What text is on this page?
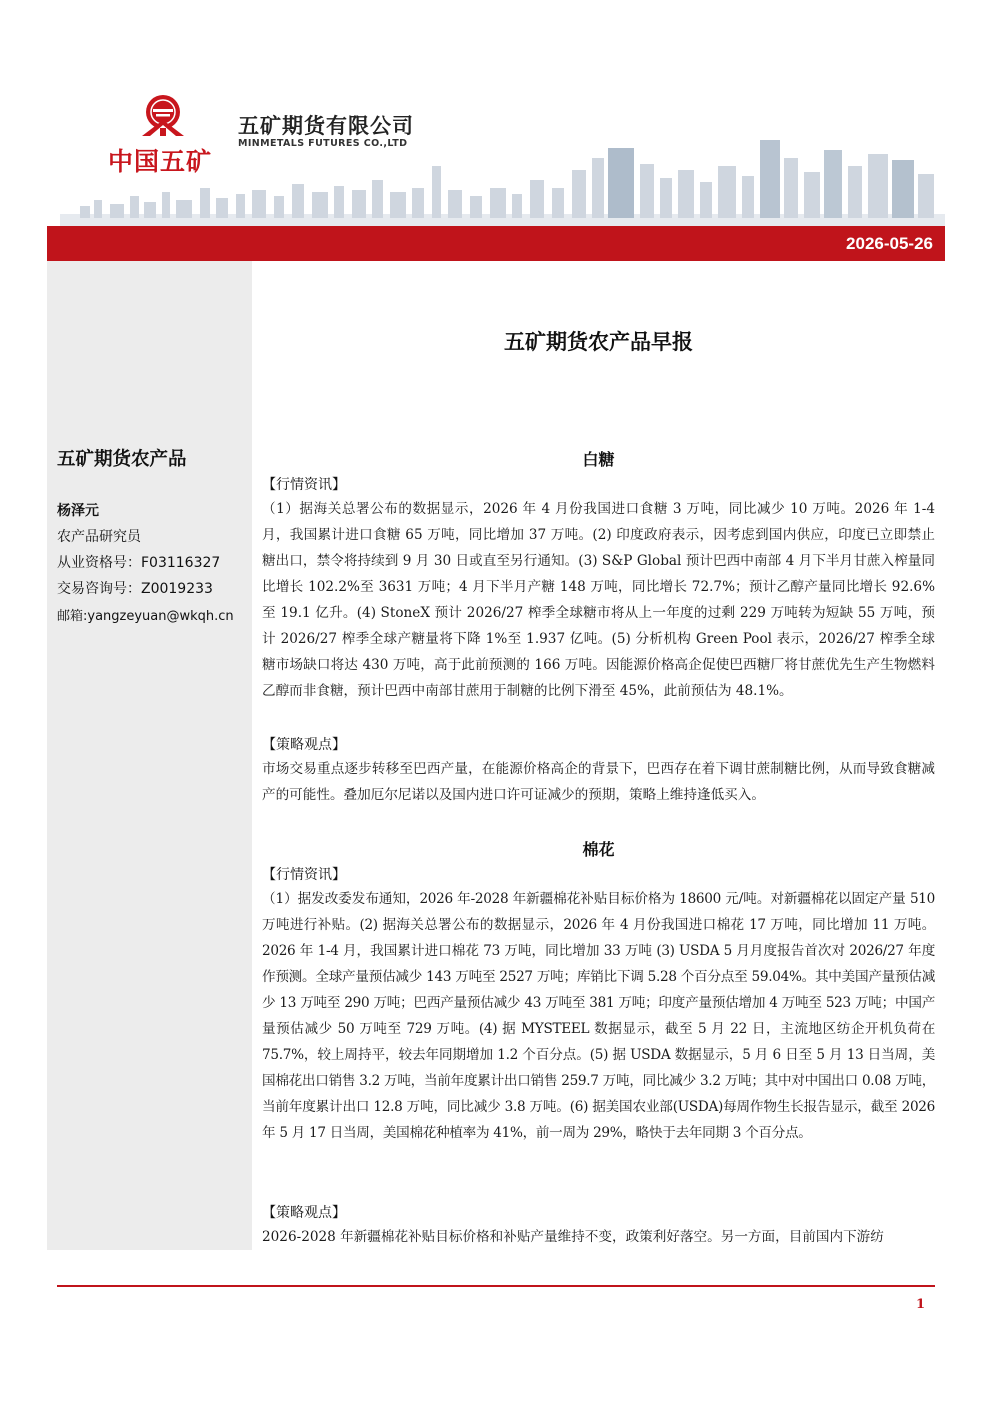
中国五矿
五矿期货有限公司
MINMETALS FUTURES CO.,LTD
2026-05-26
五矿期货农产品
杨泽元
农产品研究员
从业资格号：F03116327
交易咨询号：Z0019233
邮箱:yangzeyuan@wkqh.cn
五矿期货农产品早报
白糖
【行情资讯】

（1）据海关总署公布的数据显示，2026 年 4 月份我国进口食糖 3 万吨，同比减少 10 万吨。2026 年 1-4 月，我国累计进口食糖 65 万吨，同比增加 37 万吨。(2) 印度政府表示，因考虑到国内供应，印度已立即禁止糖出口，禁令将持续到 9 月 30 日或直至另行通知。(3) S&P Global 预计巴西中南部 4 月下半月甘蔗入榨量同比增长 102.2%至 3631 万吨；4 月下半月产糖 148 万吨，同比增长 72.7%；预计乙醇产量同比增长 92.6%至 19.1 亿升。(4) StoneX 预计 2026/27 榨季全球糖市将从上一年度的过剩 229 万吨转为短缺 55 万吨，预计 2026/27 榨季全球产糖量将下降 1%至 1.937 亿吨。(5) 分析机构 Green Pool 表示，2026/27 榨季全球糖市场缺口将达 430 万吨，高于此前预测的 166 万吨。因能源价格高企促使巴西糖厂将甘蔗优先生产生物燃料乙醇而非食糖，预计巴西中南部甘蔗用于制糖的比例下滑至 45%，此前预估为 48.1%。

【策略观点】

市场交易重点逐步转移至巴西产量，在能源价格高企的背景下，巴西存在着下调甘蔗制糖比例，从而导致食糖减产的可能性。叠加厄尔尼诺以及国内进口许可证减少的预期，策略上维持逢低买入。

棉花
【行情资讯】

（1）据发改委发布通知，2026 年-2028 年新疆棉花补贴目标价格为 18600 元/吨。对新疆棉花以固定产量 510 万吨进行补贴。(2) 据海关总署公布的数据显示，2026 年 4 月份我国进口棉花 17 万吨，同比增加 11 万吨。2026 年 1-4 月，我国累计进口棉花 73 万吨，同比增加 33 万吨 (3) USDA 5 月月度报告首次对 2026/27 年度作预测。全球产量预估减少 143 万吨至 2527 万吨；库销比下调 5.28 个百分点至 59.04%。其中美国产量预估减少 13 万吨至 290 万吨；巴西产量预估减少 43 万吨至 381 万吨；印度产量预估增加 4 万吨至 523 万吨；中国产量预估减少 50 万吨至 729 万吨。(4) 据 MYSTEEL 数据显示，截至 5 月 22 日，主流地区纺企开机负荷在 75.7%，较上周持平，较去年同期增加 1.2 个百分点。(5) 据 USDA 数据显示，5 月 6 日至 5 月 13 日当周，美国棉花出口销售 3.2 万吨，当前年度累计出口销售 259.7 万吨，同比减少 3.2 万吨；其中对中国出口 0.08 万吨，当前年度累计出口 12.8 万吨，同比减少 3.8 万吨。(6) 据美国农业部(USDA)每周作物生长报告显示，截至 2026 年 5 月 17 日当周，美国棉花种植率为 41%，前一周为 29%，略快于去年同期 3 个百分点。

【策略观点】

2026-2028 年新疆棉花补贴目标价格和补贴产量维持不变，政策利好落空。另一方面，目前国内下游纺

1
